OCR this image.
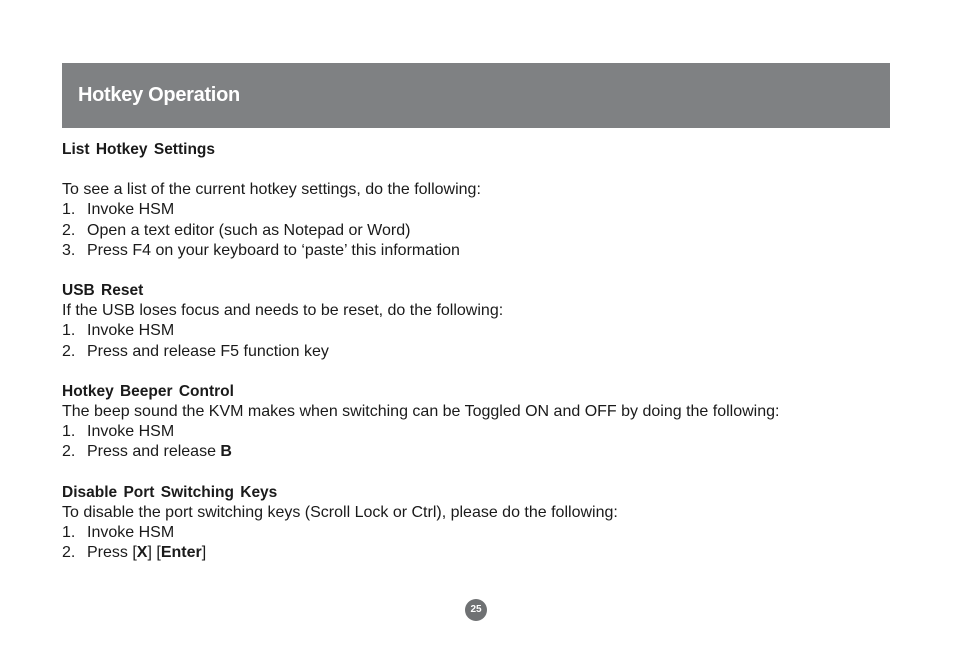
Hotkey Operation
List Hotkey Settings
To see a list of the current hotkey settings, do the following:
1. Invoke HSM
2. Open a text editor (such as Notepad or Word)
3. Press F4 on your keyboard to ‘paste’ this information
USB Reset
If the USB loses focus and needs to be reset, do the following:
1. Invoke HSM
2. Press and release F5 function key
Hotkey Beeper Control
The beep sound the KVM makes when switching can be Toggled ON and OFF by doing the following:
1. Invoke HSM
2. Press and release B
Disable Port Switching Keys
To disable the port switching keys (Scroll Lock or Ctrl), please do the following:
1. Invoke HSM
2. Press [X] [Enter]
25
